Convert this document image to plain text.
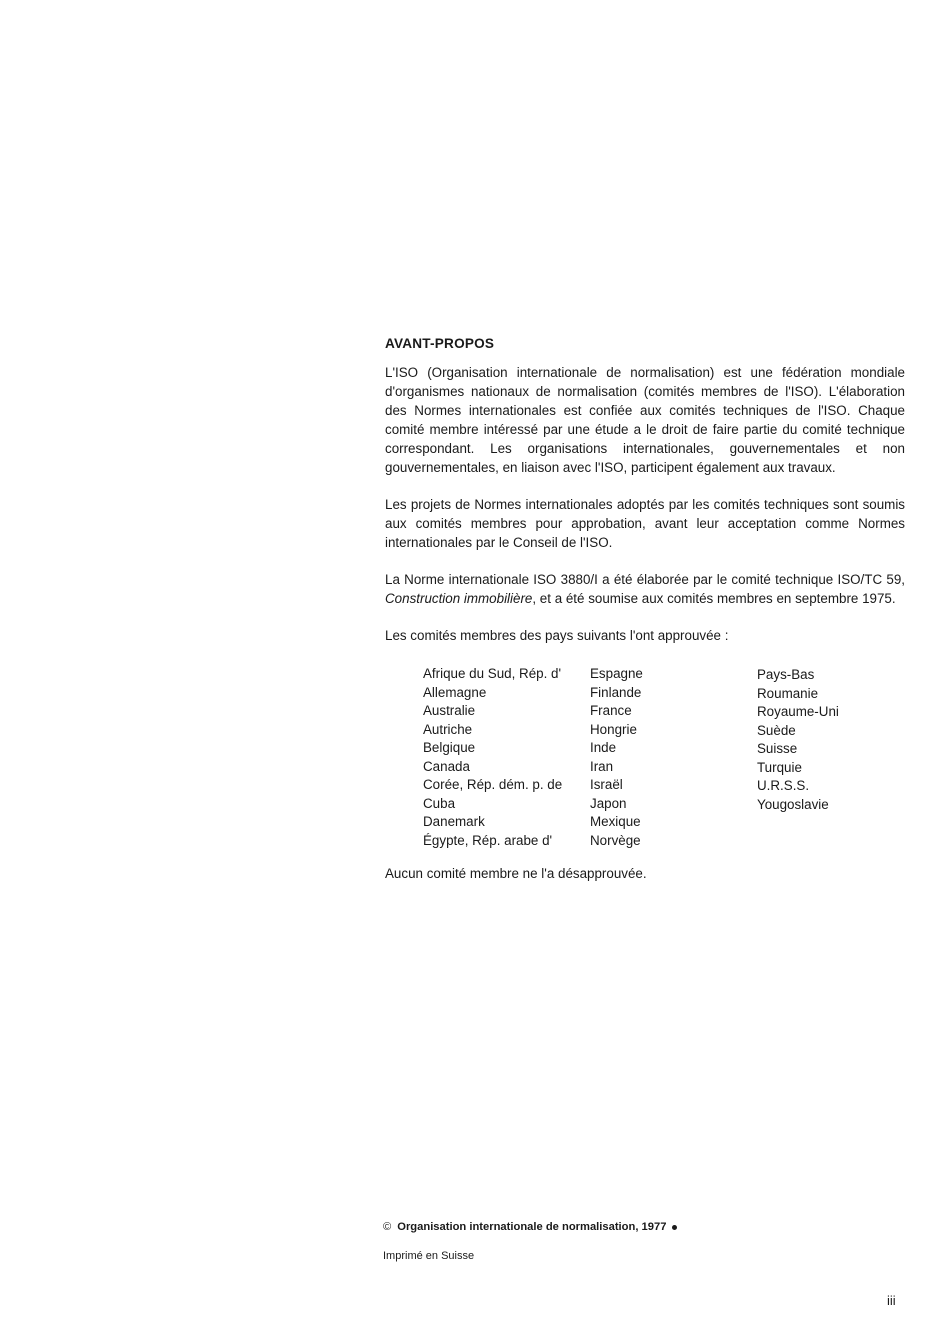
AVANT-PROPOS

L'ISO (Organisation internationale de normalisation) est une fédération mondiale d'organismes nationaux de normalisation (comités membres de l'ISO). L'élaboration des Normes internationales est confiée aux comités techniques de l'ISO. Chaque comité membre intéressé par une étude a le droit de faire partie du comité technique correspondant. Les organisations internationales, gouvernementales et non gouvernementales, en liaison avec l'ISO, participent également aux travaux.

Les projets de Normes internationales adoptés par les comités techniques sont soumis aux comités membres pour approbation, avant leur acceptation comme Normes internationales par le Conseil de l'ISO.

La Norme internationale ISO 3880/I a été élaborée par le comité technique ISO/TC 59, Construction immobilière, et a été soumise aux comités membres en septembre 1975.

Les comités membres des pays suivants l'ont approuvée :

Afrique du Sud, Rép. d'
Allemagne
Australie
Autriche
Belgique
Canada
Corée, Rép. dém. p. de
Cuba
Danemark
Égypte, Rép. arabe d'
Espagne
Finlande
France
Hongrie
Inde
Iran
Israël
Japon
Mexique
Norvège
Pays-Bas
Roumanie
Royaume-Uni
Suède
Suisse
Turquie
U.R.S.S.
Yougoslavie

Aucun comité membre ne l'a désapprouvée.

© Organisation internationale de normalisation, 1977
Imprimé en Suisse
iii
